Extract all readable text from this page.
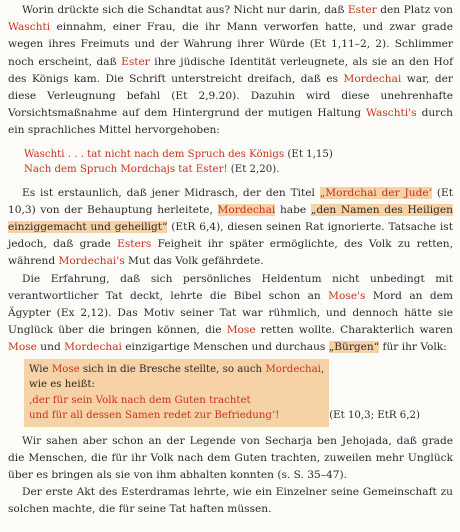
Worin drückte sich die Schandtat aus? Nicht nur darin, daß Ester den Platz von Waschti einnahm, einer Frau, die ihr Mann verworfen hatte, und zwar grade wegen ihres Freimuts und der Wahrung ihrer Würde (Et 1,11–2, 2). Schlimmer noch erscheint, daß Ester ihre jüdische Identität verleugnete, als sie an den Hof des Königs kam. Die Schrift unterstreicht dreifach, daß es Mordechai war, der diese Verleugnung befahl (Et 2,9.20). Dazuhin wird diese unehrenhafte Vorsichtsmaßnahme auf dem Hintergrund der mutigen Haltung Waschti's durch ein sprachliches Mittel hervorgehoben:

Waschti . . . tat nicht nach dem Spruch des Königs (Et 1,15)
Nach dem Spruch Mordchajs tat Ester! (Et 2,20).

Es ist erstaunlich, daß jener Midrasch, der den Titel „Mordchai der Jude‘ (Et 10,3) von der Behauptung herleitete, Mordechai habe „den Namen des Heiligen einziggemacht und geheiligt“ (EtR 6,4), diesen seinen Rat ignorierte. Tatsache ist jedoch, daß grade Esters Feigheit ihr später ermöglichte, des Volk zu retten, während Mordechai's Mut das Volk gefährdete.

Die Erfahrung, daß sich persönliches Heldentum nicht unbedingt mit verantwortlicher Tat deckt, lehrte die Bibel schon an Mose's Mord an dem Ägypter (Ex 2,12). Das Motiv seiner Tat war rühmlich, und dennoch hätte sie Unglück über die bringen können, die Mose retten wollte. Charakterlich waren Mose und Mordechai einzigartige Menschen und durchaus „Bürgen“ für ihr Volk:

Wie Mose sich in die Bresche stellte, so auch Mordechai,
wie es heißt:
‚der für sein Volk nach dem Guten trachtet
und für all dessen Samen redet zur Befriedung‘!	(Et 10,3; EtR 6,2)

Wir sahen aber schon an der Legende von Secharja ben Jehojada, daß grade die Menschen, die für ihr Volk nach dem Guten trachten, zuweilen mehr Unglück über es bringen als sie von ihm abhalten konnten (s. S. 35–47).

Der erste Akt des Esterdramas lehrte, wie ein Einzelner seine Gemeinschaft zu solchen machte, die für seine Tat haften müssen.
